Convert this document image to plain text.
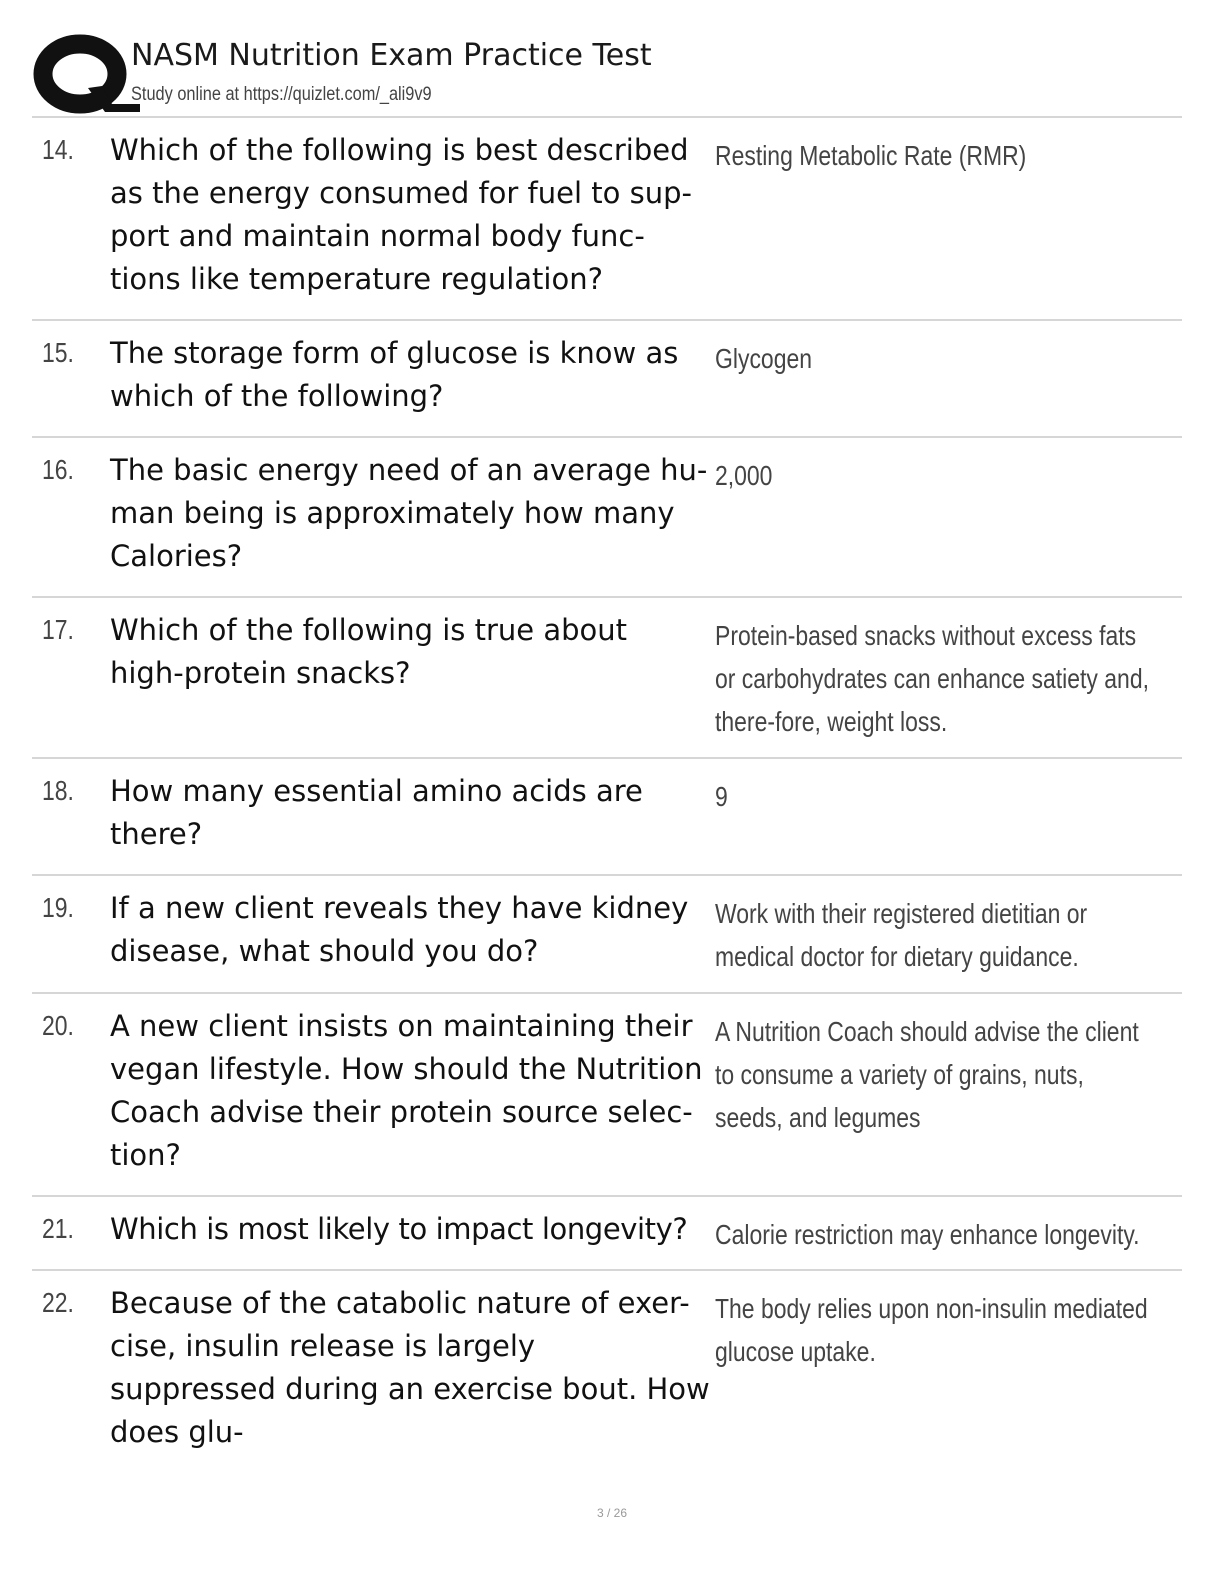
NASM Nutrition Exam Practice Test
Study online at https://quizlet.com/_ali9v9
14. Which of the following is best described as the energy consumed for fuel to sup-port and maintain normal body func-tions like temperature regulation?
Resting Metabolic Rate (RMR)
15. The storage form of glucose is know as which of the following?
Glycogen
16. The basic energy need of an average hu-man being is approximately how many Calories?
2,000
17. Which of the following is true about high-protein snacks?
Protein-based snacks without excess fats or carbohydrates can enhance satiety and, there-fore, weight loss.
18. How many essential amino acids are there?
9
19. If a new client reveals they have kidney disease, what should you do?
Work with their registered dietitian or medical doctor for dietary guidance.
20. A new client insists on maintaining their vegan lifestyle. How should the Nutrition Coach advise their protein source selec-tion?
A Nutrition Coach should advise the client to consume a variety of grains, nuts, seeds, and legumes
21. Which is most likely to impact longevity? Calorie restriction may enhance longevity.
22. Because of the catabolic nature of exer-cise, insulin release is largely suppressed during an exercise bout. How does glu-
The body relies upon non-insulin mediated glucose uptake.
3 / 26
